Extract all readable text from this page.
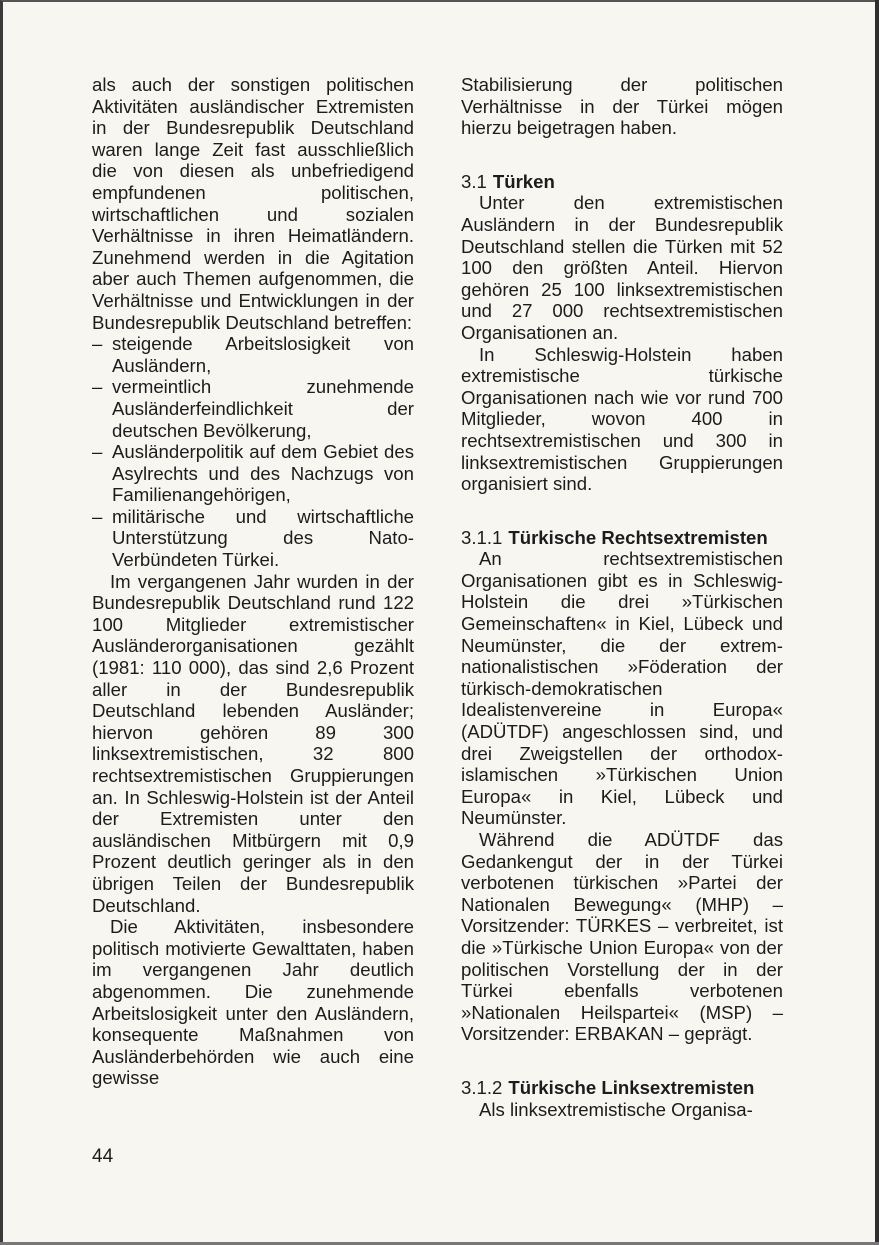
als auch der sonstigen politischen Aktivitäten ausländischer Extremisten in der Bundesrepublik Deutschland waren lange Zeit fast ausschließlich die von diesen als unbefriedigend empfundenen politischen, wirtschaftlichen und sozialen Verhältnisse in ihren Heimatländern. Zunehmend werden in die Agitation aber auch Themen aufgenommen, die Verhältnisse und Entwicklungen in der Bundesrepublik Deutschland betreffen:

– steigende Arbeitslosigkeit von Ausländern,
– vermeintlich zunehmende Ausländerfeindlichkeit der deutschen Bevölkerung,
– Ausländerpolitik auf dem Gebiet des Asylrechts und des Nachzugs von Familienangehörigen,
– militärische und wirtschaftliche Unterstützung des Nato-Verbündeten Türkei.

Im vergangenen Jahr wurden in der Bundesrepublik Deutschland rund 122 100 Mitglieder extremistischer Ausländerorganisationen gezählt (1981: 110 000), das sind 2,6 Prozent aller in der Bundesrepublik Deutschland lebenden Ausländer; hiervon gehören 89 300 linksextremistischen, 32 800 rechtsextremistischen Gruppierungen an. In Schleswig-Holstein ist der Anteil der Extremisten unter den ausländischen Mitbürgern mit 0,9 Prozent deutlich geringer als in den übrigen Teilen der Bundesrepublik Deutschland.

Die Aktivitäten, insbesondere politisch motivierte Gewalttaten, haben im vergangenen Jahr deutlich abgenommen. Die zunehmende Arbeitslosigkeit unter den Ausländern, konsequente Maßnahmen von Ausländerbehörden wie auch eine gewisse

Stabilisierung der politischen Verhältnisse in der Türkei mögen hierzu beigetragen haben.

3.1 Türken

Unter den extremistischen Ausländern in der Bundesrepublik Deutschland stellen die Türken mit 52 100 den größten Anteil. Hiervon gehören 25 100 linksextremistischen und 27 000 rechtsextremistischen Organisationen an.

In Schleswig-Holstein haben extremistische türkische Organisationen nach wie vor rund 700 Mitglieder, wovon 400 in rechtsextremistischen und 300 in linksextremistischen Gruppierungen organisiert sind.

3.1.1 Türkische Rechtsextremisten

An rechtsextremistischen Organisationen gibt es in Schleswig-Holstein die drei »Türkischen Gemeinschaften« in Kiel, Lübeck und Neumünster, die der extrem-nationalistischen »Föderation der türkisch-demokratischen Idealistenvereine in Europa« (ADÜTDF) angeschlossen sind, und drei Zweigstellen der orthodox-islamischen »Türkischen Union Europa« in Kiel, Lübeck und Neumünster.

Während die ADÜTDF das Gedankengut der in der Türkei verbotenen türkischen »Partei der Nationalen Bewegung« (MHP) – Vorsitzender: TÜRKES – verbreitet, ist die »Türkische Union Europa« von der politischen Vorstellung der in der Türkei ebenfalls verbotenen »Nationalen Heilspartei« (MSP) – Vorsitzender: ERBAKAN – geprägt.

3.1.2 Türkische Linksextremisten

Als linksextremistische Organisa-

44
